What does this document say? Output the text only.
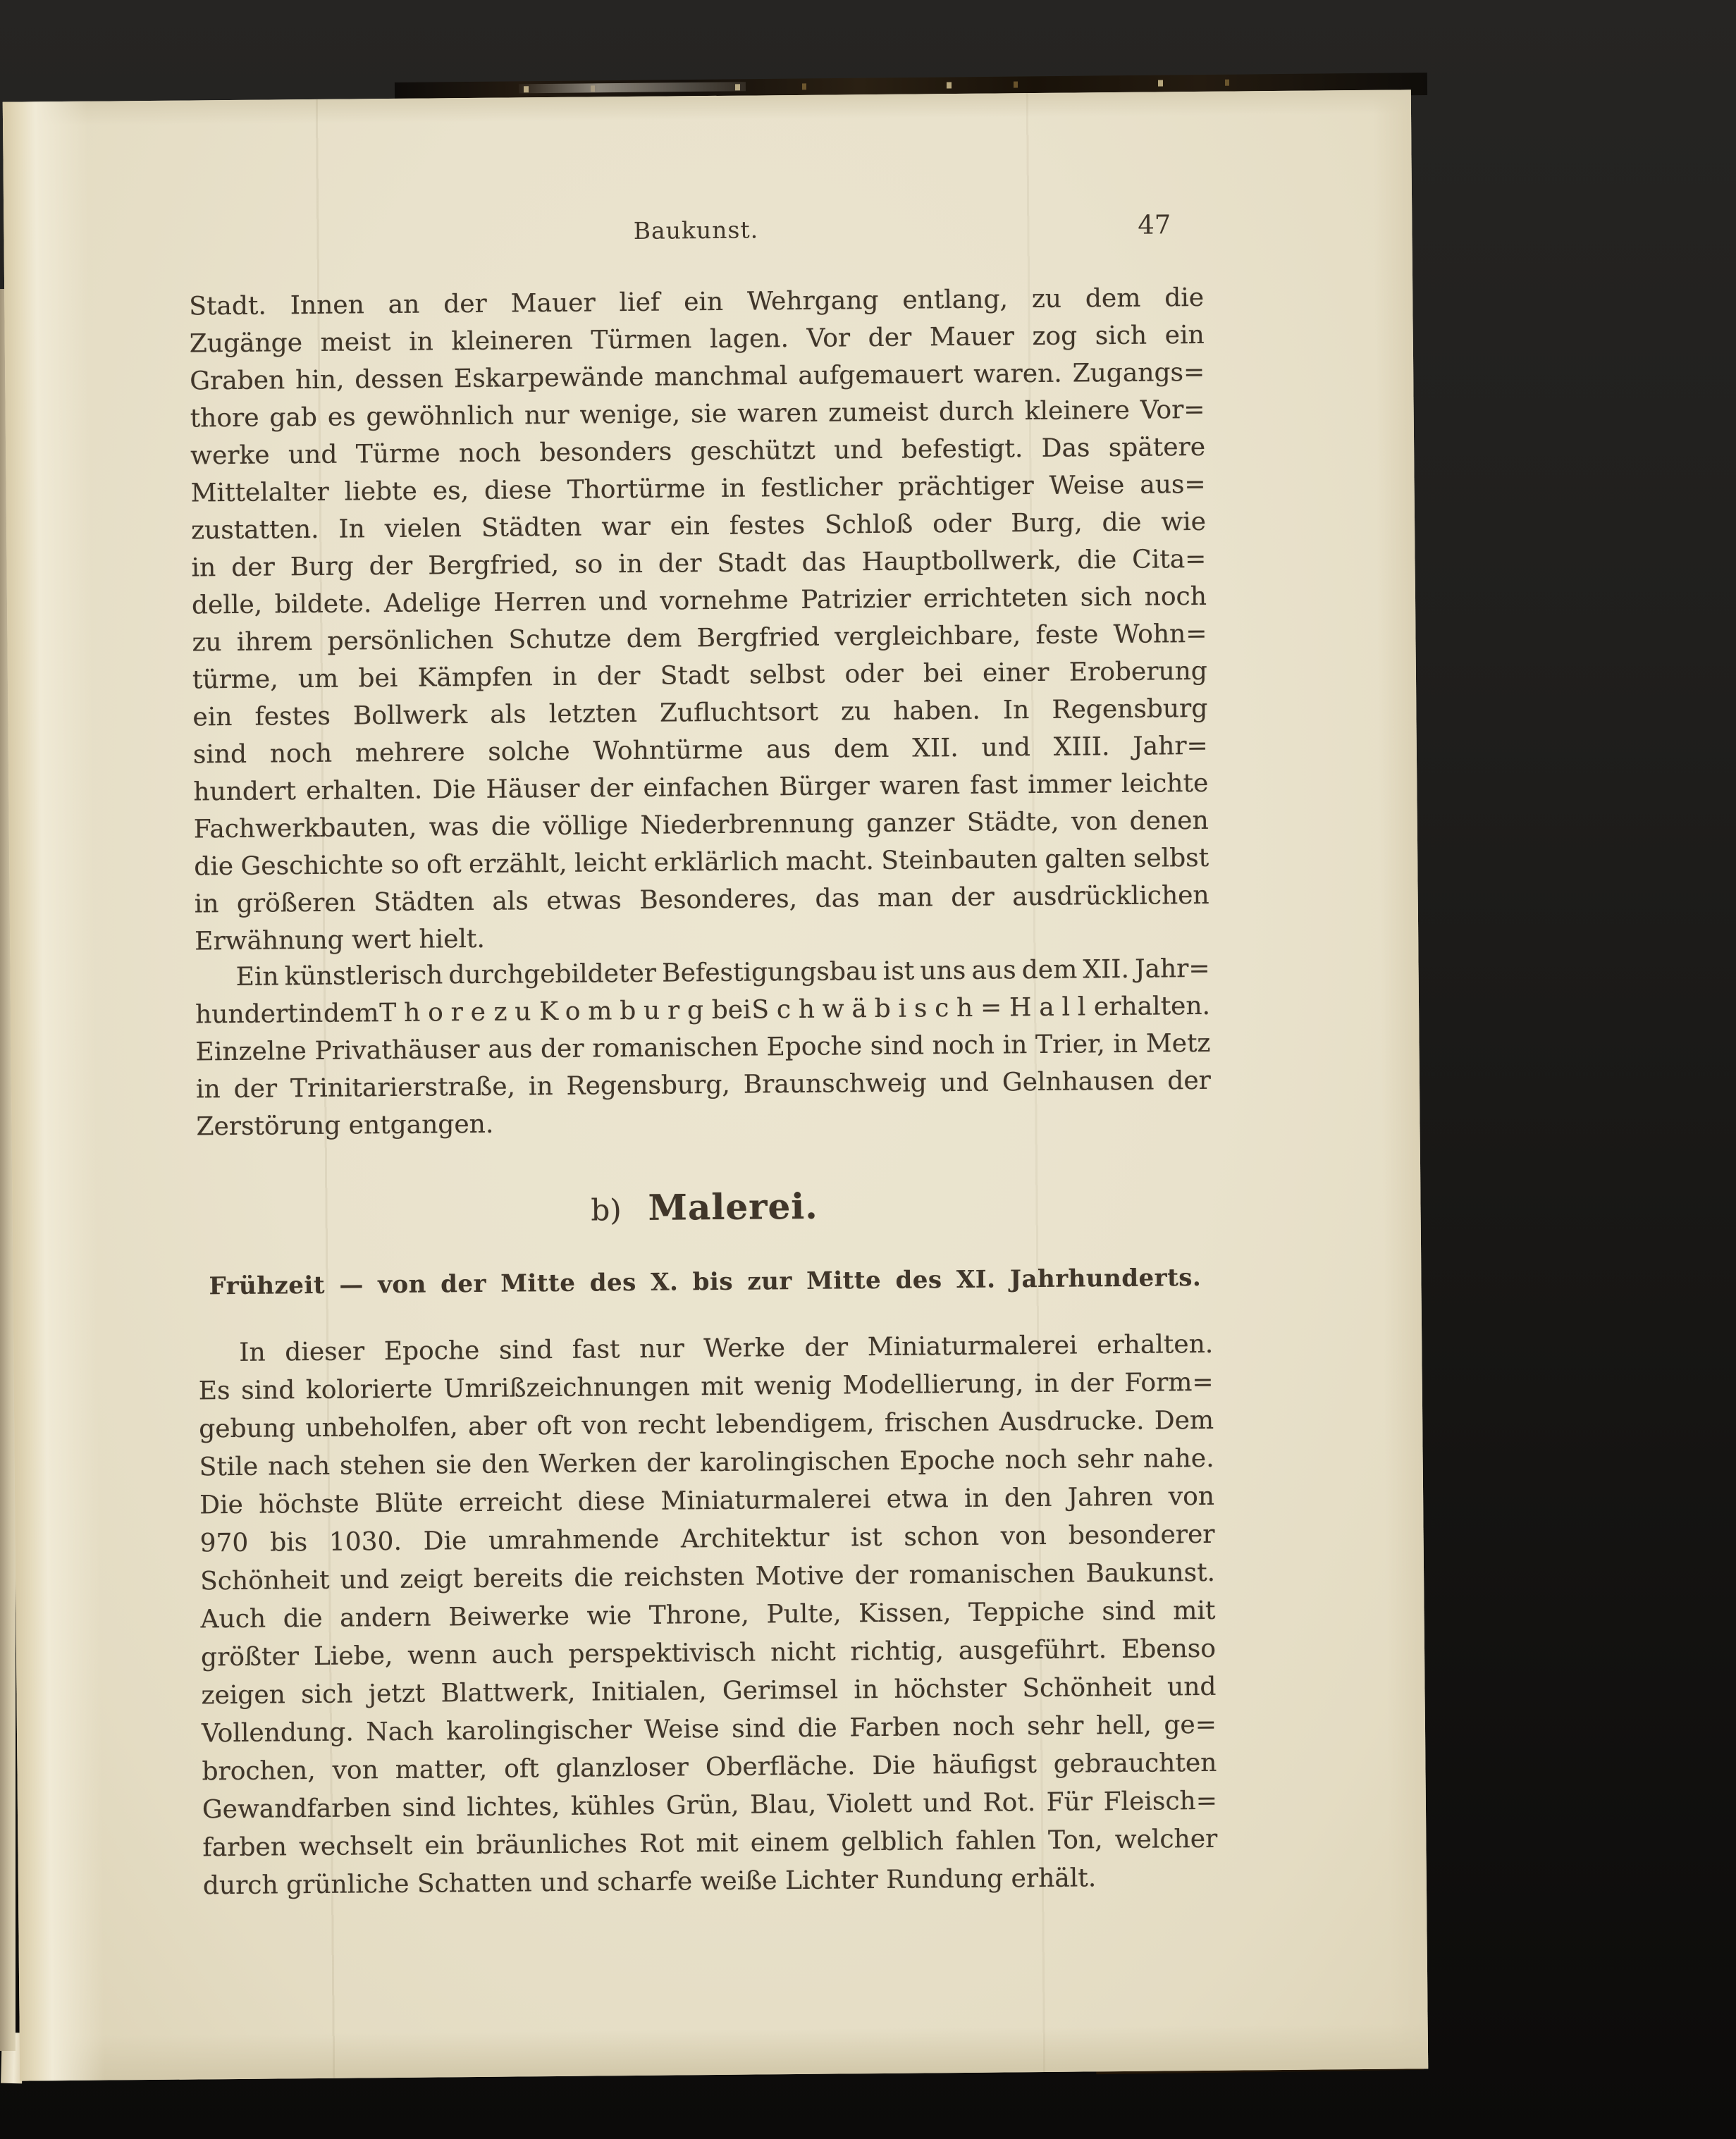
Baukunst.	47
Stadt. Innen an der Mauer lief ein Wehrgang entlang, zu dem die
Zugänge meist in kleineren Türmen lagen. Vor der Mauer zog sich ein
Graben hin, dessen Eskarpewände manchmal aufgemauert waren. Zugangs=
thore gab es gewöhnlich nur wenige, sie waren zumeist durch kleinere Vor=
werke und Türme noch besonders geschützt und befestigt. Das spätere
Mittelalter liebte es, diese Thortürme in festlicher prächtiger Weise aus=
zustatten. In vielen Städten war ein festes Schloß oder Burg, die wie
in der Burg der Bergfried, so in der Stadt das Hauptbollwerk, die Cita=
delle, bildete. Adelige Herren und vornehme Patrizier errichteten sich noch
zu ihrem persönlichen Schutze dem Bergfried vergleichbare, feste Wohn=
türme, um bei Kämpfen in der Stadt selbst oder bei einer Eroberung
ein festes Bollwerk als letzten Zufluchtsort zu haben. In Regensburg
sind noch mehrere solche Wohntürme aus dem XII. und XIII. Jahr=
hundert erhalten. Die Häuser der einfachen Bürger waren fast immer leichte
Fachwerkbauten, was die völlige Niederbrennung ganzer Städte, von denen
die Geschichte so oft erzählt, leicht erklärlich macht. Steinbauten galten selbst
in größeren Städten als etwas Besonderes, das man der ausdrücklichen
Erwähnung wert hielt.
Ein künstlerisch durchgebildeter Befestigungsbau ist uns aus dem XII. Jahr=
hundert in dem Thore zu Komburg bei Schwäbisch=Hall erhalten.
Einzelne Privathäuser aus der romanischen Epoche sind noch in Trier, in Metz
in der Trinitarierstraße, in Regensburg, Braunschweig und Gelnhausen der
Zerstörung entgangen.
b) Malerei.
Frühzeit — von der Mitte des X. bis zur Mitte des XI. Jahrhunderts.
In dieser Epoche sind fast nur Werke der Miniaturmalerei erhalten.
Es sind kolorierte Umrißzeichnungen mit wenig Modellierung, in der Form=
gebung unbeholfen, aber oft von recht lebendigem, frischen Ausdrucke. Dem
Stile nach stehen sie den Werken der karolingischen Epoche noch sehr nahe.
Die höchste Blüte erreicht diese Miniaturmalerei etwa in den Jahren von
970 bis 1030. Die umrahmende Architektur ist schon von besonderer
Schönheit und zeigt bereits die reichsten Motive der romanischen Baukunst.
Auch die andern Beiwerke wie Throne, Pulte, Kissen, Teppiche sind mit
größter Liebe, wenn auch perspektivisch nicht richtig, ausgeführt. Ebenso
zeigen sich jetzt Blattwerk, Initialen, Gerimsel in höchster Schönheit und
Vollendung. Nach karolingischer Weise sind die Farben noch sehr hell, ge=
brochen, von matter, oft glanzloser Oberfläche. Die häufigst gebrauchten
Gewandfarben sind lichtes, kühles Grün, Blau, Violett und Rot. Für Fleisch=
farben wechselt ein bräunliches Rot mit einem gelblich fahlen Ton, welcher
durch grünliche Schatten und scharfe weiße Lichter Rundung erhält.
